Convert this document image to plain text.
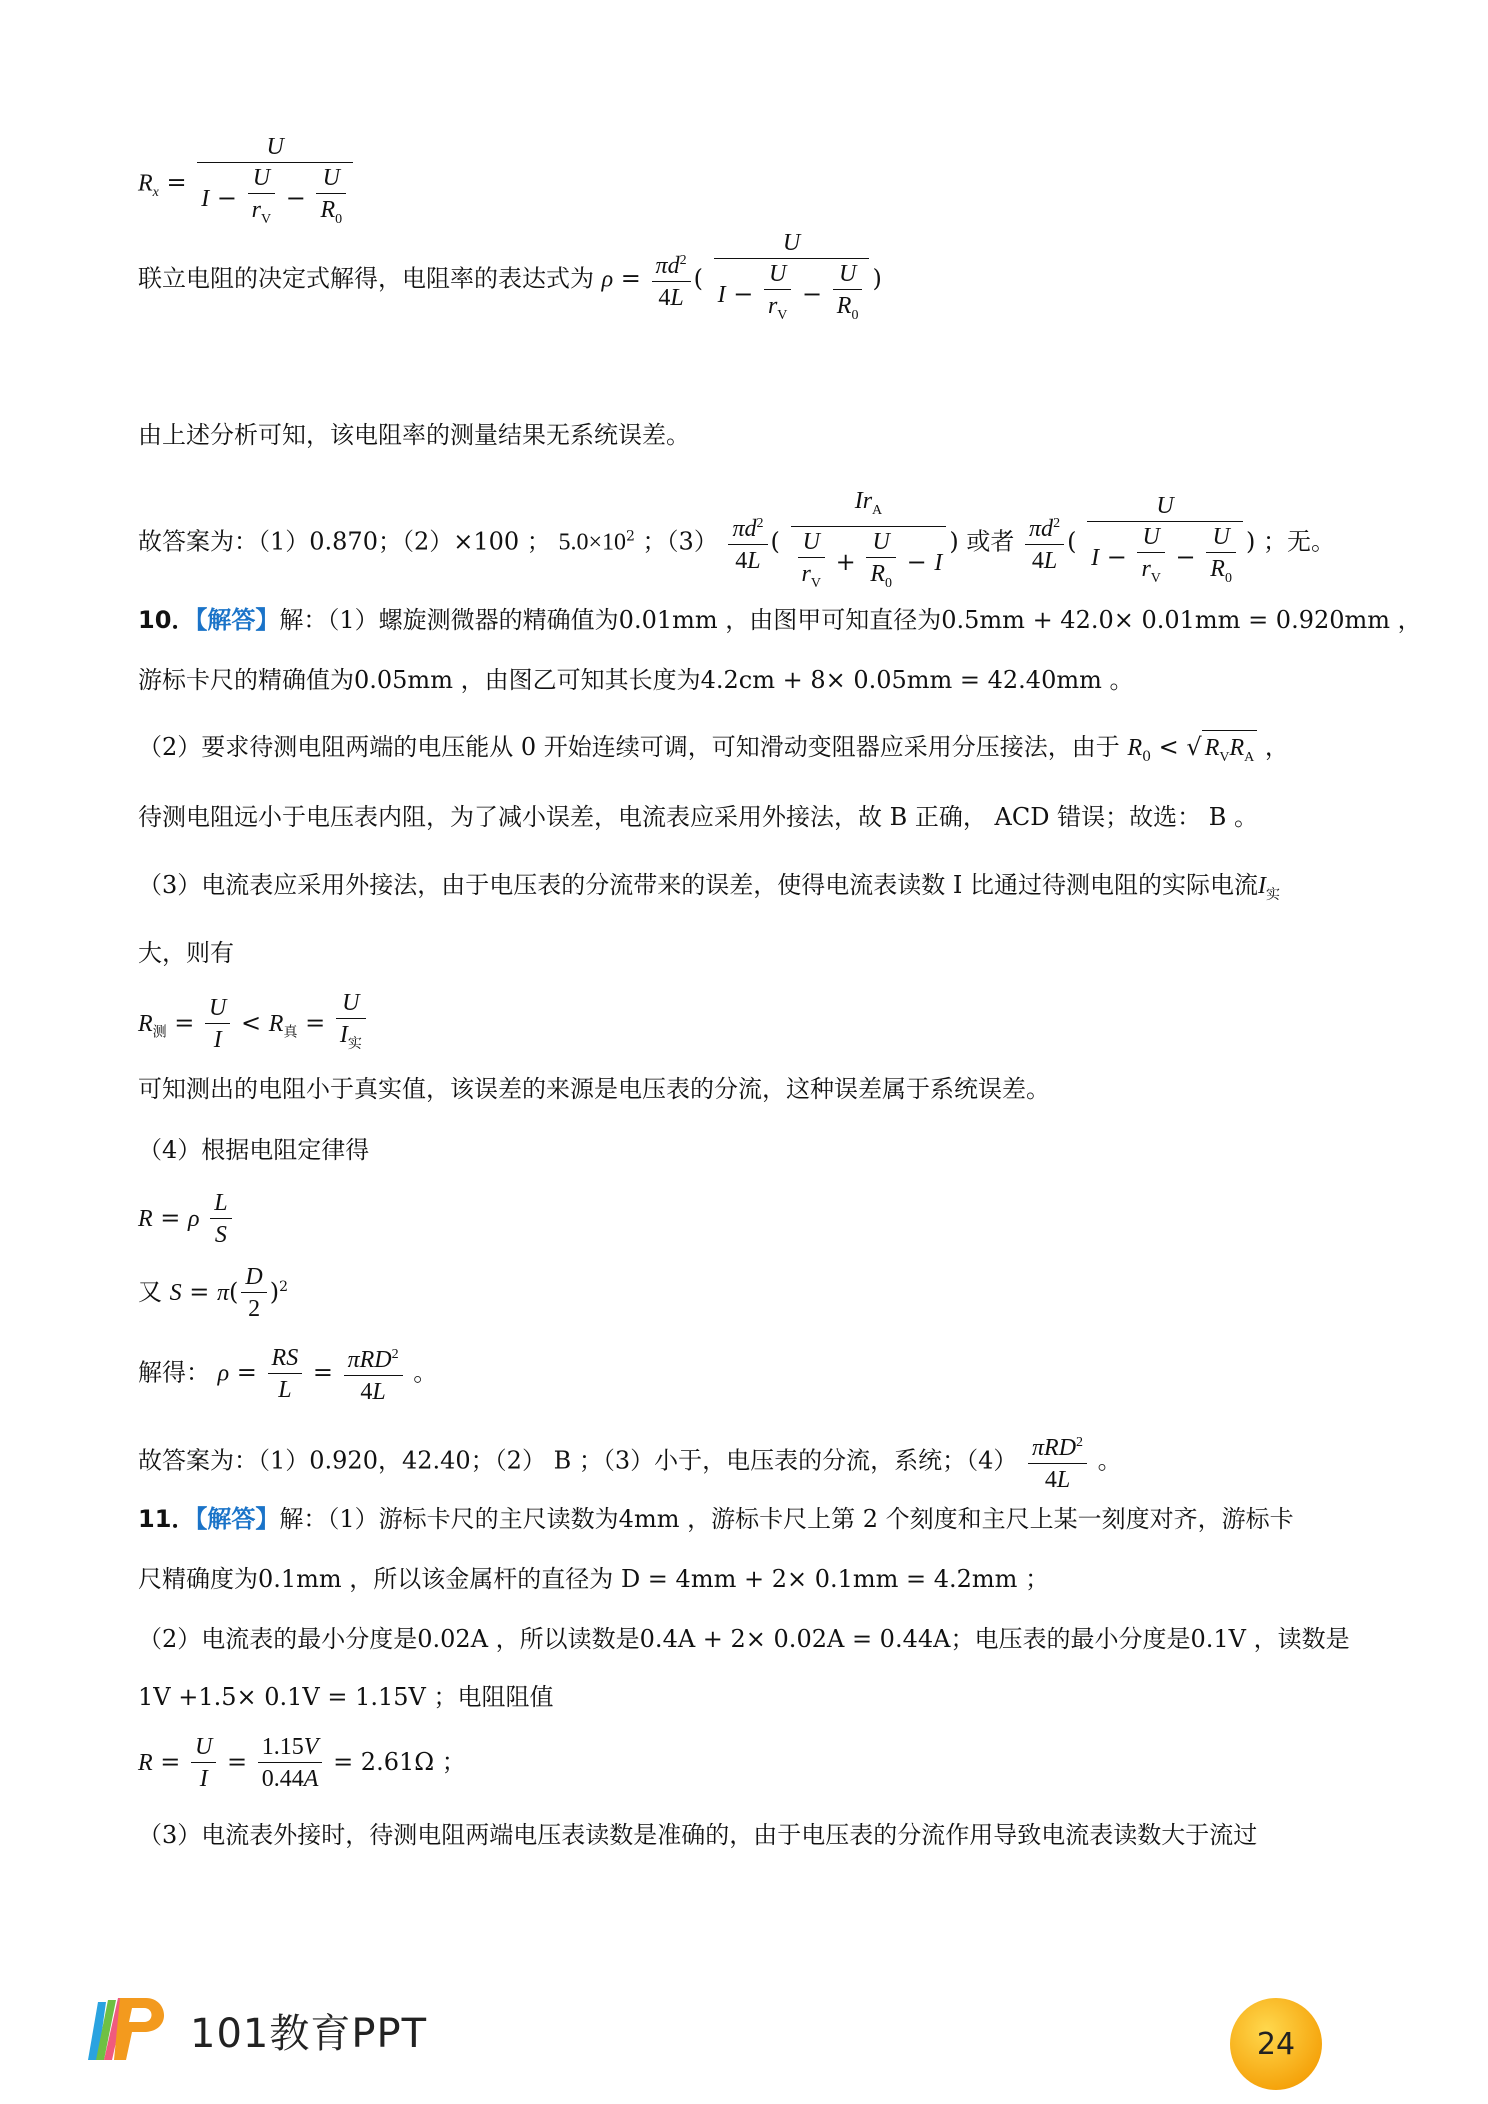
$R_x = \frac{U}{I - \frac{U}{r_V} - \frac{U}{R_0}}$
联立电阻的决定式解得，电阻率的表达式为 $\rho = \frac{\pi d^2}{4L}$ ( $\frac{U}{I - \frac{U}{r_V} - \frac{U}{R_0}}$ )
由上述分析可知，该电阻率的测量结果无系统误差。
故答案为：（1）0.870；（2）×100 ； $5.0\times 10^2$ ；$(3) \frac{\pi d^2}{4L}$ ( $\frac{Ir_A}{\frac{U}{r_V} + \frac{U}{R_0} - I}$ ) 或者 $\frac{\pi d^2}{4L}$ ( $\frac{U}{I - \frac{U}{r_V} - \frac{U}{R_0}}$ ) ；无。
10．【解答】解：（1）螺旋测微器的精确值为0.01mm ，由图甲可知直径为0.5mm + 42.0× 0.01mm = 0.920mm ，
游标卡尺的精确值为0.05mm ，由图乙可知其长度为4.2cm + 8× 0.05mm = 42.40mm 。
（2）要求待测电阻两端的电压能从 0 开始连续可调，可知滑动变阻器应采用分压接法，由于 $R_0$ < √ $R_VR_A$ ，
待测电阻远小于电压表内阻，为了减小误差，电流表应采用外接法，故 B 正确， ACD 错误；故选： B 。
（3）电流表应采用外接法，由于电压表的分流带来的误差，使得电流表读数 I 比通过待测电阻的实际电流$I_实$
大，则有
$R_测 = \frac{U}{I} < R_真 = \frac{U}{I_实}$
可知测出的电阻小于真实值，该误差的来源是电压表的分流，这种误差属于系统误差。
（4）根据电阻定律得
R = ρ $\frac{L}{S}$
又 $S = \pi( \frac{D}{2} )^2$
解得： $\rho = \frac{RS}{L} = \frac{\pi RD^2}{4L}$ 。
故答案为：（1）0.920，42.40；（2） B ；（3）小于，电压表的分流，系统；$(4) \frac{\pi RD^2}{4L}$ 。
11．【解答】解：（1）游标卡尺的主尺读数为4mm ，游标卡尺上第 2 个刻度和主尺上某一刻度对齐，游标卡
尺精确度为0.1mm ，所以该金属杆的直径为 D = 4mm + 2× 0.1mm = 4.2mm ；
（2）电流表的最小分度是0.02A ，所以读数是0.4A + 2× 0.02A = 0.44A；电压表的最小分度是0.1V ，读数是
1V +1.5× 0.1V = 1.15V ；电阻阻值
$R = \frac{U}{I} = \frac{1.15V}{0.44A} = 2.61\Omega$ ；
（3）电流表外接时，待测电阻两端电压表读数是准确的，由于电压表的分流作用导致电流表读数大于流过
101教育PPT	24
